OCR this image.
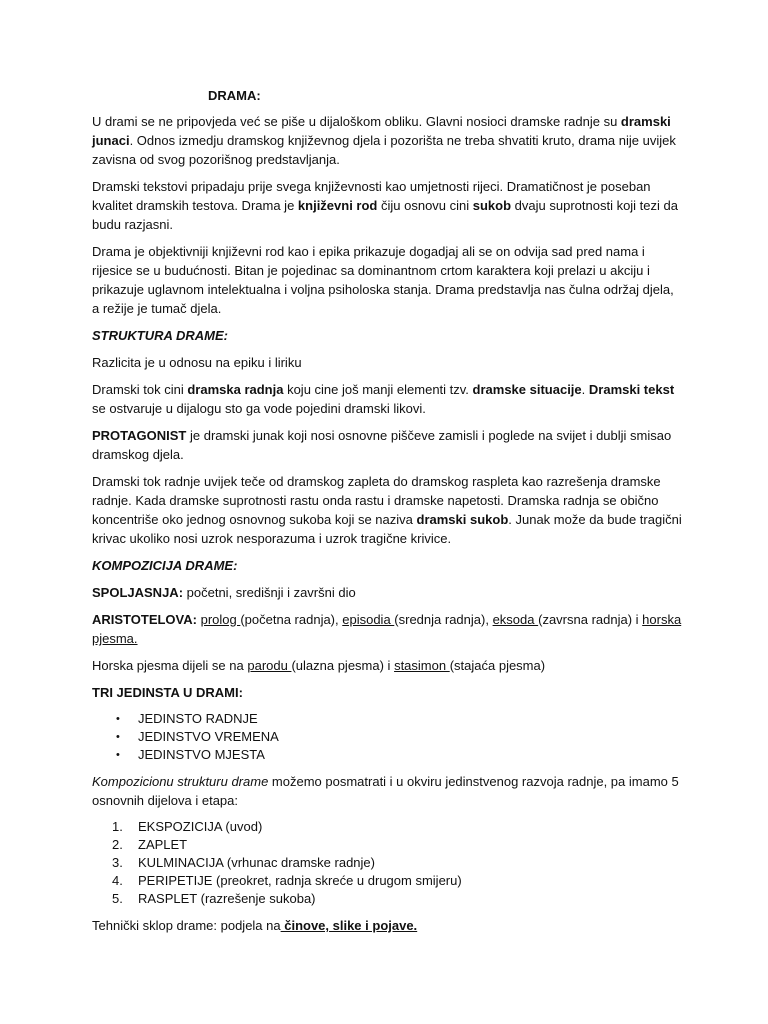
DRAMA:

U drami se ne pripovjeda već se piše u dijaloškom obliku. Glavni nosioci dramske radnje su dramski junaci. Odnos izmedju dramskog književnog djela i pozorišta ne treba shvatiti kruto, drama nije uvijek zavisna od svog pozorišnog predstavljanja.

Dramski tekstovi pripadaju prije svega književnosti kao umjetnosti rijeci. Dramatičnost je poseban kvalitet dramskih testova. Drama je književni rod čiju osnovu cini sukob dvaju suprotnosti koji tezi da budu razjasni.

Drama je objektivniji književni rod kao i epika prikazuje dogadjaj ali se on odvija sad pred nama i rijesice se u budućnosti. Bitan je pojedinac sa dominantnom crtom karaktera koji prelazi u akciju i prikazuje uglavnom intelektualna i voljna psiholoska stanja. Drama predstavlja nas čulna održaj djela, a režije je tumač djela.

STRUKTURA DRAME:

Razlicita je u odnosu na epiku i liriku

Dramski tok cini dramska radnja koju cine još manji elementi tzv. dramske situacije. Dramski tekst se ostvaruje u dijalogu sto ga vode pojedini dramski likovi.

PROTAGONIST je dramski junak koji nosi osnovne piščeve zamisli i poglede na svijet i dublji smisao dramskog djela.

Dramski tok radnje uvijek teče od dramskog zapleta do dramskog raspleta kao razrešenja dramske radnje. Kada dramske suprotnosti rastu onda rastu i dramske napetosti. Dramska radnja se obično koncentriše oko jednog osnovnog sukoba koji se naziva dramski sukob. Junak može da bude tragični krivac ukoliko nosi uzrok nesporazuma i uzrok tragične krivice.

KOMPOZICIJA DRAME:

SPOLJASNJA: početni, središnji i završni dio

ARISTOTELOVA: prolog (početna radnja), episodia (srednja radnja), eksoda (zavrsna radnja) i horska pjesma.

Horska pjesma dijeli se na parodu (ulazna pjesma) i stasimon (stajaća pjesma)

TRI JEDINSTA U DRAMI:

• JEDINSTO RADNJE
• JEDINSTVO VREMENA
• JEDINSTVO MJESTA

Kompozicionu strukturu drame možemo posmatrati i u okviru jedinstvenog razvoja radnje, pa imamo 5 osnovnih dijelova i etapa:

1. EKSPOZICIJA (uvod)
2. ZAPLET
3. KULMINACIJA (vrhunac dramske radnje)
4. PERIPETIJE (preokret, radnja skreće u drugom smijeru)
5. RASPLET (razrešenje sukoba)

Tehnički sklop drame: podjela na činove, slike i pojave.
